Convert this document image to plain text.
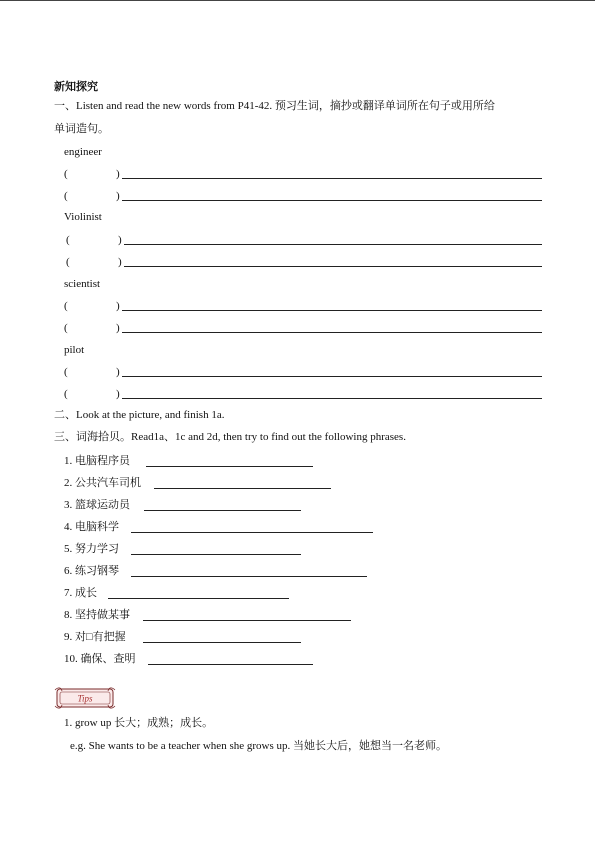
新知探究
一、Listen and read the new words from P41-42. 预习生词，摘抄或翻译单词所在句子或用所给
单词造句。
engineer
(	)
(	)
Violinist
(	)
(	)
scientist
(	)
(	)
pilot
(	)
(	)
二、Look at the picture, and finish 1a.
三、词海拾贝。Read1a、1c and 2d, then try to find out the following phrases.
1. 电脑程序员
2. 公共汽车司机
3. 篮球运动员
4. 电脑科学
5. 努力学习
6. 练习钢琴
7. 成长
8. 坚持做某事
9. 对□有把握
10. 确保、查明
Tips
1. grow up 长大；成熟；成长。
e.g. She wants to be a teacher when she grows up. 当她长大后，她想当一名老师。
